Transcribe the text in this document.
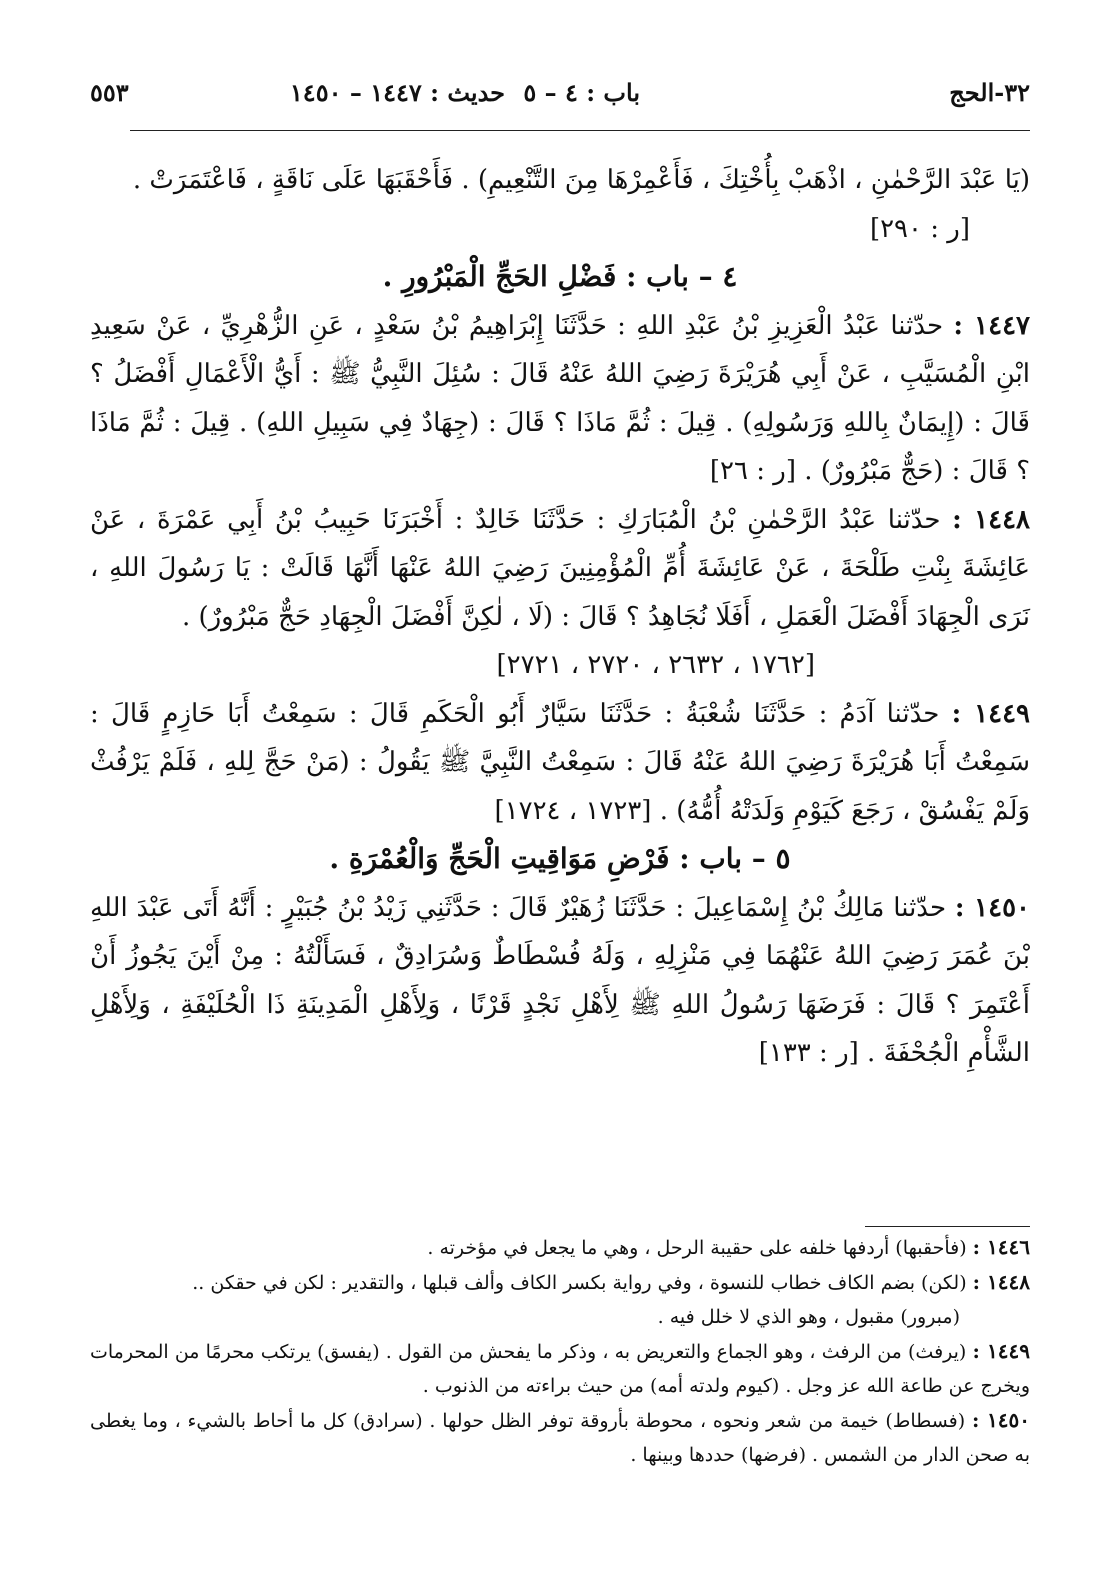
٣٢-الحج
باب : ٤ – ٥
حديث : ١٤٤٧ – ١٤٥٠
٥٥٣

(يَا عَبْدَ الرَّحْمٰنِ ، اذْهَبْ بِأُخْتِكَ ، فَأَعْمِرْهَا مِنَ التَّنْعِيمِ) . فَأَحْقَبَهَا عَلَى نَاقَةٍ ، فَاعْتَمَرَتْ .

[ر : ٢٩٠]

٤ – باب : فَضْلِ الحَجِّ الْمَبْرُورِ .

١٤٤٧ : حدّثنا عَبْدُ الْعَزِيزِ بْنُ عَبْدِ اللهِ : حَدَّثَنَا إِبْرَاهِيمُ بْنُ سَعْدٍ ، عَنِ الزُّهْرِيِّ ، عَنْ سَعِيدِ ابْنِ الْمُسَيَّبِ ، عَنْ أَبِي هُرَيْرَةَ رَضِيَ اللهُ عَنْهُ قَالَ : سُئِلَ النَّبِيُّ ﷺ : أَيُّ الْأَعْمَالِ أَفْضَلُ ؟ قَالَ : (إِيمَانٌ بِاللهِ وَرَسُولِهِ) . قِيلَ : ثُمَّ مَاذَا ؟ قَالَ : (جِهَادٌ فِي سَبِيلِ اللهِ) . قِيلَ : ثُمَّ مَاذَا ؟ قَالَ : (حَجٌّ مَبْرُورٌ) . [ر : ٢٦]

١٤٤٨ : حدّثنا عَبْدُ الرَّحْمٰنِ بْنُ الْمُبَارَكِ : حَدَّثَنَا خَالِدٌ : أَخْبَرَنَا حَبِيبُ بْنُ أَبِي عَمْرَةَ ، عَنْ عَائِشَةَ بِنْتِ طَلْحَةَ ، عَنْ عَائِشَةَ أُمِّ الْمُؤْمِنِينَ رَضِيَ اللهُ عَنْهَا أَنَّهَا قَالَتْ : يَا رَسُولَ اللهِ ، نَرَى الْجِهَادَ أَفْضَلَ الْعَمَلِ ، أَفَلَا نُجَاهِدُ ؟ قَالَ : (لَا ، لٰكِنَّ أَفْضَلَ الْجِهَادِ حَجٌّ مَبْرُورٌ) .

[١٧٦٢ ، ٢٦٣٢ ، ٢٧٢٠ ، ٢٧٢١]

١٤٤٩ : حدّثنا آدَمُ : حَدَّثَنَا شُعْبَةُ : حَدَّثَنَا سَيَّارٌ أَبُو الْحَكَمِ قَالَ : سَمِعْتُ أَبَا حَازِمٍ قَالَ : سَمِعْتُ أَبَا هُرَيْرَةَ رَضِيَ اللهُ عَنْهُ قَالَ : سَمِعْتُ النَّبِيَّ ﷺ يَقُولُ : (مَنْ حَجَّ لِلهِ ، فَلَمْ يَرْفُثْ وَلَمْ يَفْسُقْ ، رَجَعَ كَيَوْمِ وَلَدَتْهُ أُمُّهُ) . [١٧٢٣ ، ١٧٢٤]

٥ – باب : فَرْضِ مَوَاقِيتِ الْحَجِّ وَالْعُمْرَةِ .

١٤٥٠ : حدّثنا مَالِكُ بْنُ إِسْمَاعِيلَ : حَدَّثَنَا زُهَيْرٌ قَالَ : حَدَّثَنِي زَيْدُ بْنُ جُبَيْرٍ : أَنَّهُ أَتَى عَبْدَ اللهِ بْنَ عُمَرَ رَضِيَ اللهُ عَنْهُمَا فِي مَنْزِلِهِ ، وَلَهُ فُسْطَاطٌ وَسُرَادِقٌ ، فَسَأَلْتُهُ : مِنْ أَيْنَ يَجُوزُ أَنْ أَعْتَمِرَ ؟ قَالَ : فَرَضَهَا رَسُولُ اللهِ ﷺ لِأَهْلِ نَجْدٍ قَرْنًا ، وَلِأَهْلِ الْمَدِينَةِ ذَا الْحُلَيْفَةِ ، وَلِأَهْلِ الشَّأْمِ الْجُحْفَةَ . [ر : ١٣٣]

١٤٤٦ : (فأحقبها) أردفها خلفه على حقيبة الرحل ، وهي ما يجعل في مؤخرته .

١٤٤٨ : (لكن) بضم الكاف خطاب للنسوة ، وفي رواية بكسر الكاف وألف قبلها ، والتقدير : لكن في حقكن ..

(مبرور) مقبول ، وهو الذي لا خلل فيه .

١٤٤٩ : (يرفث) من الرفث ، وهو الجماع والتعريض به ، وذكر ما يفحش من القول . (يفسق) يرتكب محرمًا من المحرمات ويخرج عن طاعة الله عز وجل . (كيوم ولدته أمه) من حيث براءته من الذنوب .

١٤٥٠ : (فسطاط) خيمة من شعر ونحوه ، محوطة بأروقة توفر الظل حولها . (سرادق) كل ما أحاط بالشيء ، وما يغطى به صحن الدار من الشمس . (فرضها) حددها وبينها .
